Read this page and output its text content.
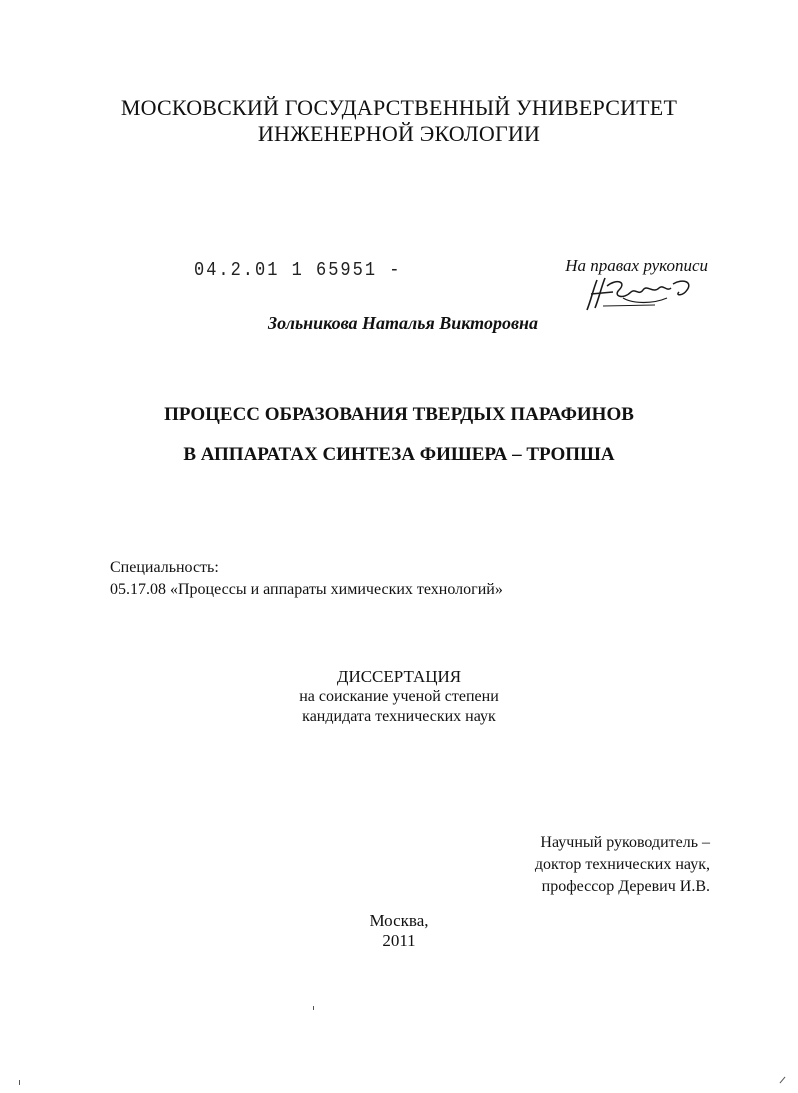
МОСКОВСКИЙ ГОСУДАРСТВЕННЫЙ УНИВЕРСИТЕТ
ИНЖЕНЕРНОЙ ЭКОЛОГИИ
04.2.01 1 65951 -	На правах рукописи
Зольникова Наталья Викторовна
ПРОЦЕСС ОБРАЗОВАНИЯ ТВЕРДЫХ ПАРАФИНОВ
В АППАРАТАХ СИНТЕЗА ФИШЕРА – ТРОПША
Специальность:
05.17.08 «Процессы и аппараты химических технологий»
ДИССЕРТАЦИЯ
на соискание ученой степени
кандидата технических наук
Научный руководитель –
доктор технических наук,
профессор Деревич И.В.
Москва,
2011
